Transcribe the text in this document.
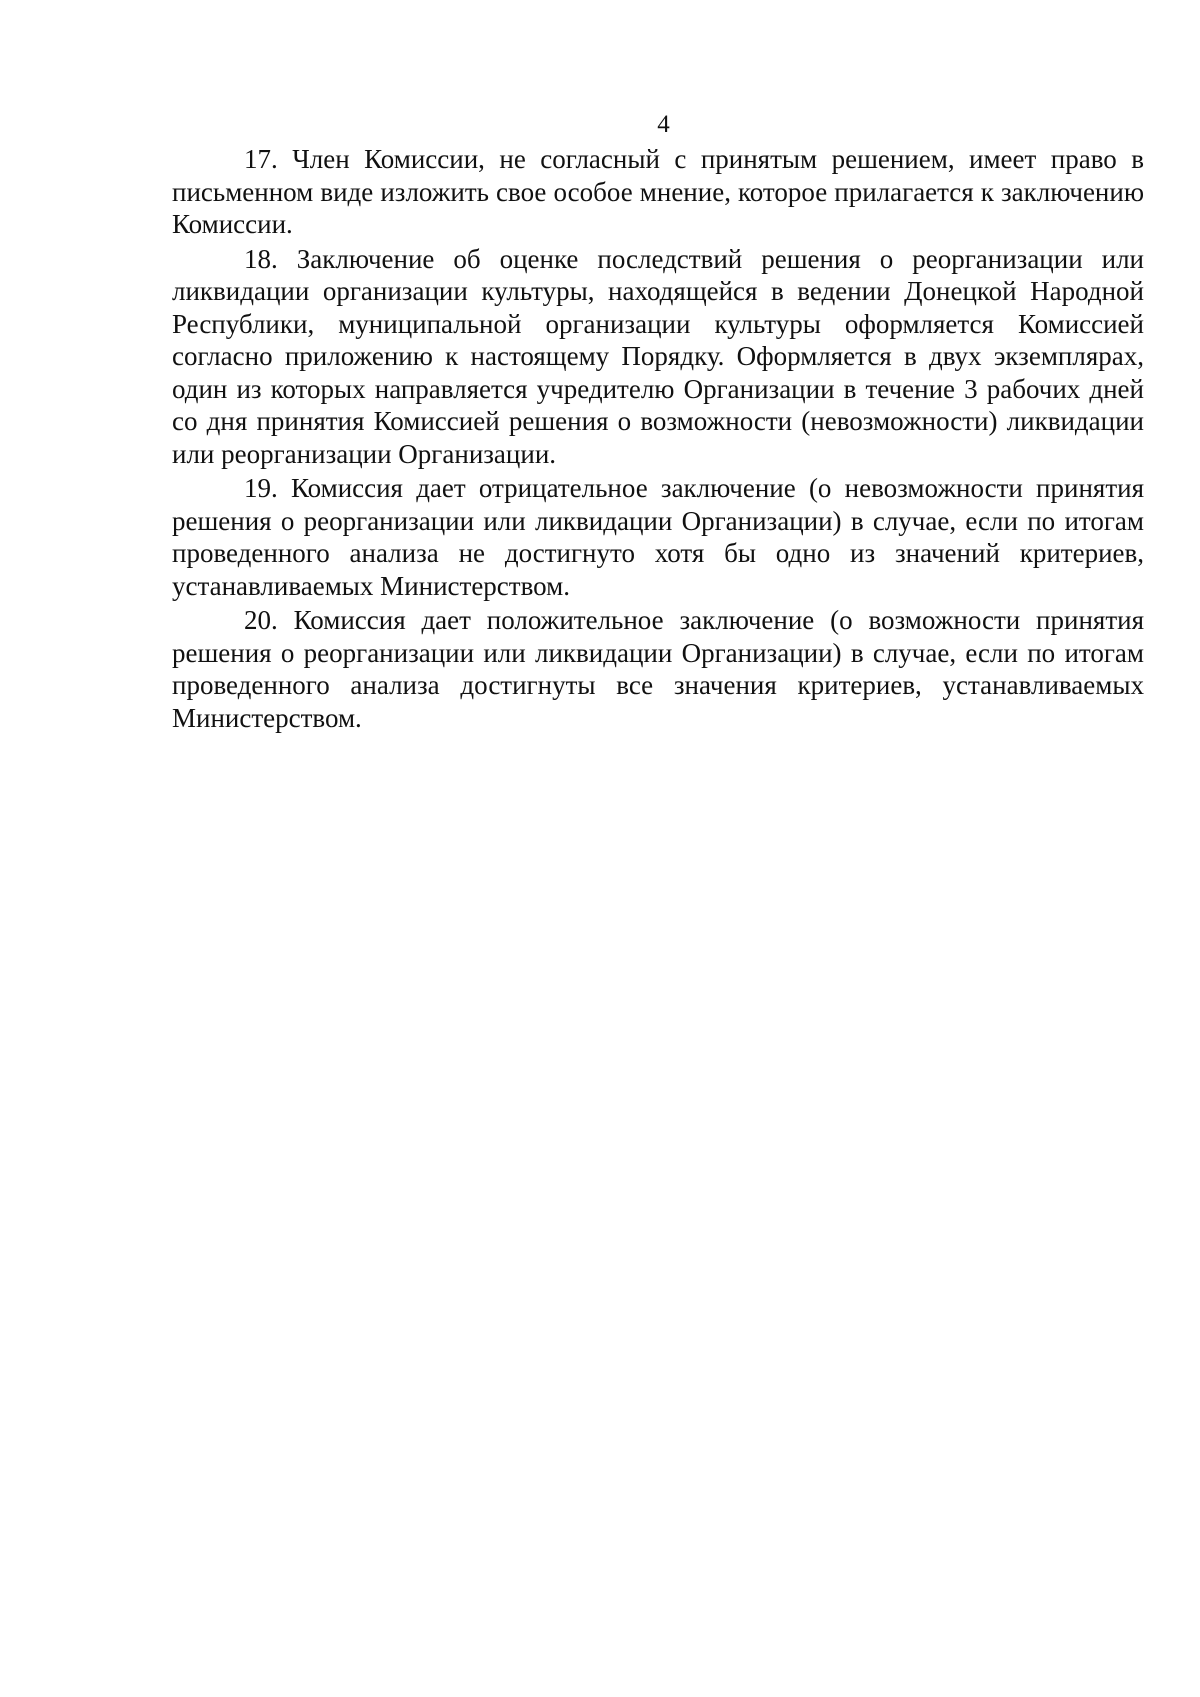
4

17. Член Комиссии, не согласный с принятым решением, имеет право в письменном виде изложить свое особое мнение, которое прилагается к заключению Комиссии.

18. Заключение об оценке последствий решения о реорганизации или ликвидации организации культуры, находящейся в ведении Донецкой Народной Республики, муниципальной организации культуры оформляется Комиссией согласно приложению к настоящему Порядку. Оформляется в двух экземплярах, один из которых направляется учредителю Организации в течение 3 рабочих дней со дня принятия Комиссией решения о возможности (невозможности) ликвидации или реорганизации Организации.

19. Комиссия дает отрицательное заключение (о невозможности принятия решения о реорганизации или ликвидации Организации) в случае, если по итогам проведенного анализа не достигнуто хотя бы одно из значений критериев, устанавливаемых Министерством.

20. Комиссия дает положительное заключение (о возможности принятия решения о реорганизации или ликвидации Организации) в случае, если по итогам проведенного анализа достигнуты все значения критериев, устанавливаемых Министерством.
